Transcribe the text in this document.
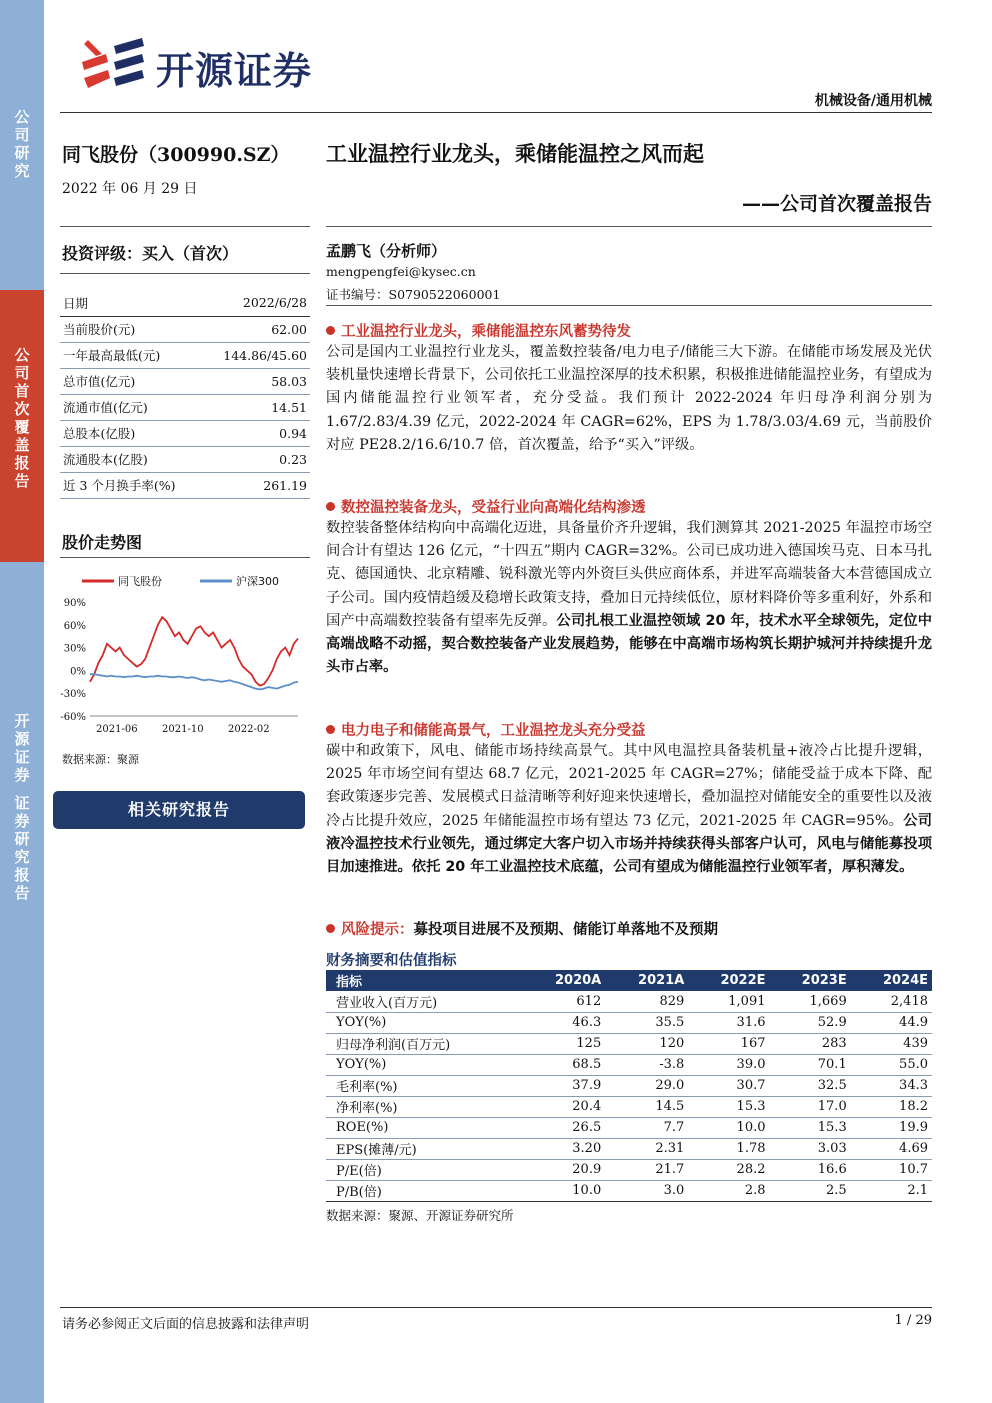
公司研究
公司首次覆盖报告
开源证券
证券研究报告
开源证券
机械设备/通用机械
同飞股份（300990.SZ）
2022 年 06 月 29 日
工业温控行业龙头，乘储能温控之风而起
——公司首次覆盖报告
投资评级：买入（首次）
日期	2022/6/28
当前股价(元)	62.00
一年最高最低(元)	144.86/45.60
总市值(亿元)	58.03
流通市值(亿元)	14.51
总股本(亿股)	0.94
流通股本(亿股)	0.23
近 3 个月换手率(%)	261.19
股价走势图
同飞股份	沪深300
90%
60%
30%
0%
-30%
-60%
2021-06 2021-10 2022-02
数据来源：聚源
相关研究报告
孟鹏飞（分析师）
mengpengfei@kysec.cn
证书编号：S0790522060001
工业温控行业龙头，乘储能温控东风蓄势待发
公司是国内工业温控行业龙头，覆盖数控装备/电力电子/储能三大下游。在储能市场发展及光伏装机量快速增长背景下，公司依托工业温控深厚的技术积累，积极推进储能温控业务，有望成为国内储能温控行业领军者，充分受益。我们预计 2022-2024 年归母净利润分别为 1.67/2.83/4.39 亿元，2022-2024 年 CAGR=62%，EPS 为 1.78/3.03/4.69 元，当前股价对应 PE28.2/16.6/10.7 倍，首次覆盖，给予“买入”评级。
数控温控装备龙头，受益行业向高端化结构渗透
数控装备整体结构向中高端化迈进，具备量价齐升逻辑，我们测算其 2021-2025 年温控市场空间合计有望达 126 亿元，“十四五”期内 CAGR=32%。公司已成功进入德国埃马克、日本马扎克、德国通快、北京精雕、锐科激光等内外资巨头供应商体系，并进军高端装备大本营德国成立子公司。国内疫情趋缓及稳增长政策支持，叠加日元持续低位，原材料降价等多重利好，外系和国产中高端数控装备有望率先反弹。公司扎根工业温控领域 20 年，技术水平全球领先，定位中高端战略不动摇，契合数控装备产业发展趋势，能够在中高端市场构筑长期护城河并持续提升龙头市占率。
电力电子和储能高景气，工业温控龙头充分受益
碳中和政策下，风电、储能市场持续高景气。其中风电温控具备装机量+液冷占比提升逻辑，2025 年市场空间有望达 68.7 亿元，2021-2025 年 CAGR=27%；储能受益于成本下降、配套政策逐步完善、发展模式日益清晰等利好迎来快速增长，叠加温控对储能安全的重要性以及液冷占比提升效应，2025 年储能温控市场有望达 73 亿元，2021-2025 年 CAGR=95%。公司液冷温控技术行业领先，通过绑定大客户切入市场并持续获得头部客户认可，风电与储能募投项目加速推进。依托 20 年工业温控技术底蕴，公司有望成为储能温控行业领军者，厚积薄发。
风险提示：募投项目进展不及预期、储能订单落地不及预期
财务摘要和估值指标
指标	2020A	2021A	2022E	2023E	2024E
营业收入(百万元)	612	829	1,091	1,669	2,418
YOY(%)	46.3	35.5	31.6	52.9	44.9
归母净利润(百万元)	125	120	167	283	439
YOY(%)	68.5	-3.8	39.0	70.1	55.0
毛利率(%)	37.9	29.0	30.7	32.5	34.3
净利率(%)	20.4	14.5	15.3	17.0	18.2
ROE(%)	26.5	7.7	10.0	15.3	19.9
EPS(摊薄/元)	3.20	2.31	1.78	3.03	4.69
P/E(倍)	20.9	21.7	28.2	16.6	10.7
P/B(倍)	10.0	3.0	2.8	2.5	2.1
数据来源：聚源、开源证券研究所
请务必参阅正文后面的信息披露和法律声明	1 / 29
